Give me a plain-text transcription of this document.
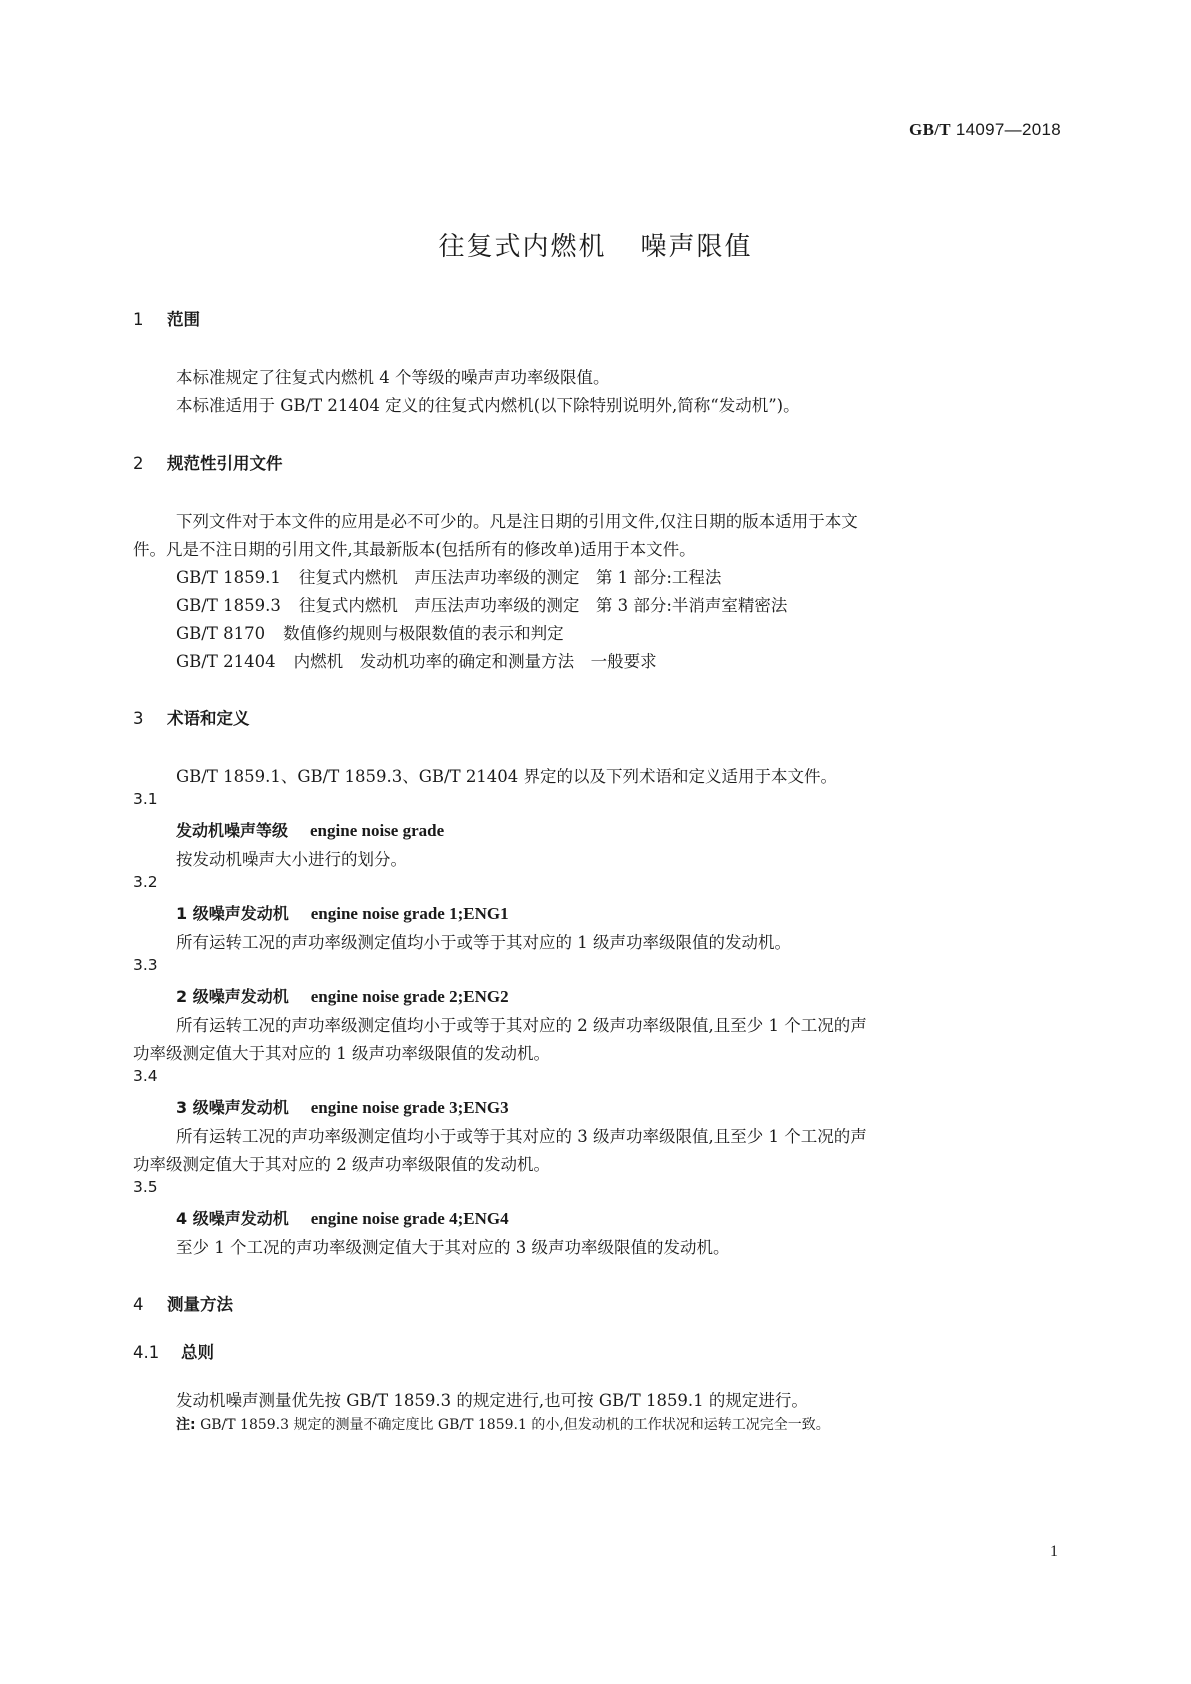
GB/T 14097—2018
往复式内燃机 噪声限值
1 范围
本标准规定了往复式内燃机 4 个等级的噪声声功率级限值。
本标准适用于 GB/T 21404 定义的往复式内燃机(以下除特别说明外,简称“发动机”)。
2 规范性引用文件
下列文件对于本文件的应用是必不可少的。凡是注日期的引用文件,仅注日期的版本适用于本文
件。凡是不注日期的引用文件,其最新版本(包括所有的修改单)适用于本文件。
GB/T 1859.1 往复式内燃机　声压法声功率级的测定　第 1 部分:工程法
GB/T 1859.3 往复式内燃机　声压法声功率级的测定　第 3 部分:半消声室精密法
GB/T 8170 数值修约规则与极限数值的表示和判定
GB/T 21404 内燃机　发动机功率的确定和测量方法　一般要求
3 术语和定义
GB/T 1859.1、GB/T 1859.3、GB/T 21404 界定的以及下列术语和定义适用于本文件。
3.1
发动机噪声等级 engine noise grade
按发动机噪声大小进行的划分。
3.2
1 级噪声发动机 engine noise grade 1;ENG1
所有运转工况的声功率级测定值均小于或等于其对应的 1 级声功率级限值的发动机。
3.3
2 级噪声发动机 engine noise grade 2;ENG2
所有运转工况的声功率级测定值均小于或等于其对应的 2 级声功率级限值,且至少 1 个工况的声
功率级测定值大于其对应的 1 级声功率级限值的发动机。
3.4
3 级噪声发动机 engine noise grade 3;ENG3
所有运转工况的声功率级测定值均小于或等于其对应的 3 级声功率级限值,且至少 1 个工况的声
功率级测定值大于其对应的 2 级声功率级限值的发动机。
3.5
4 级噪声发动机 engine noise grade 4;ENG4
至少 1 个工况的声功率级测定值大于其对应的 3 级声功率级限值的发动机。
4 测量方法
4.1 总则
发动机噪声测量优先按 GB/T 1859.3 的规定进行,也可按 GB/T 1859.1 的规定进行。
注: GB/T 1859.3 规定的测量不确定度比 GB/T 1859.1 的小,但发动机的工作状况和运转工况完全一致。
1
